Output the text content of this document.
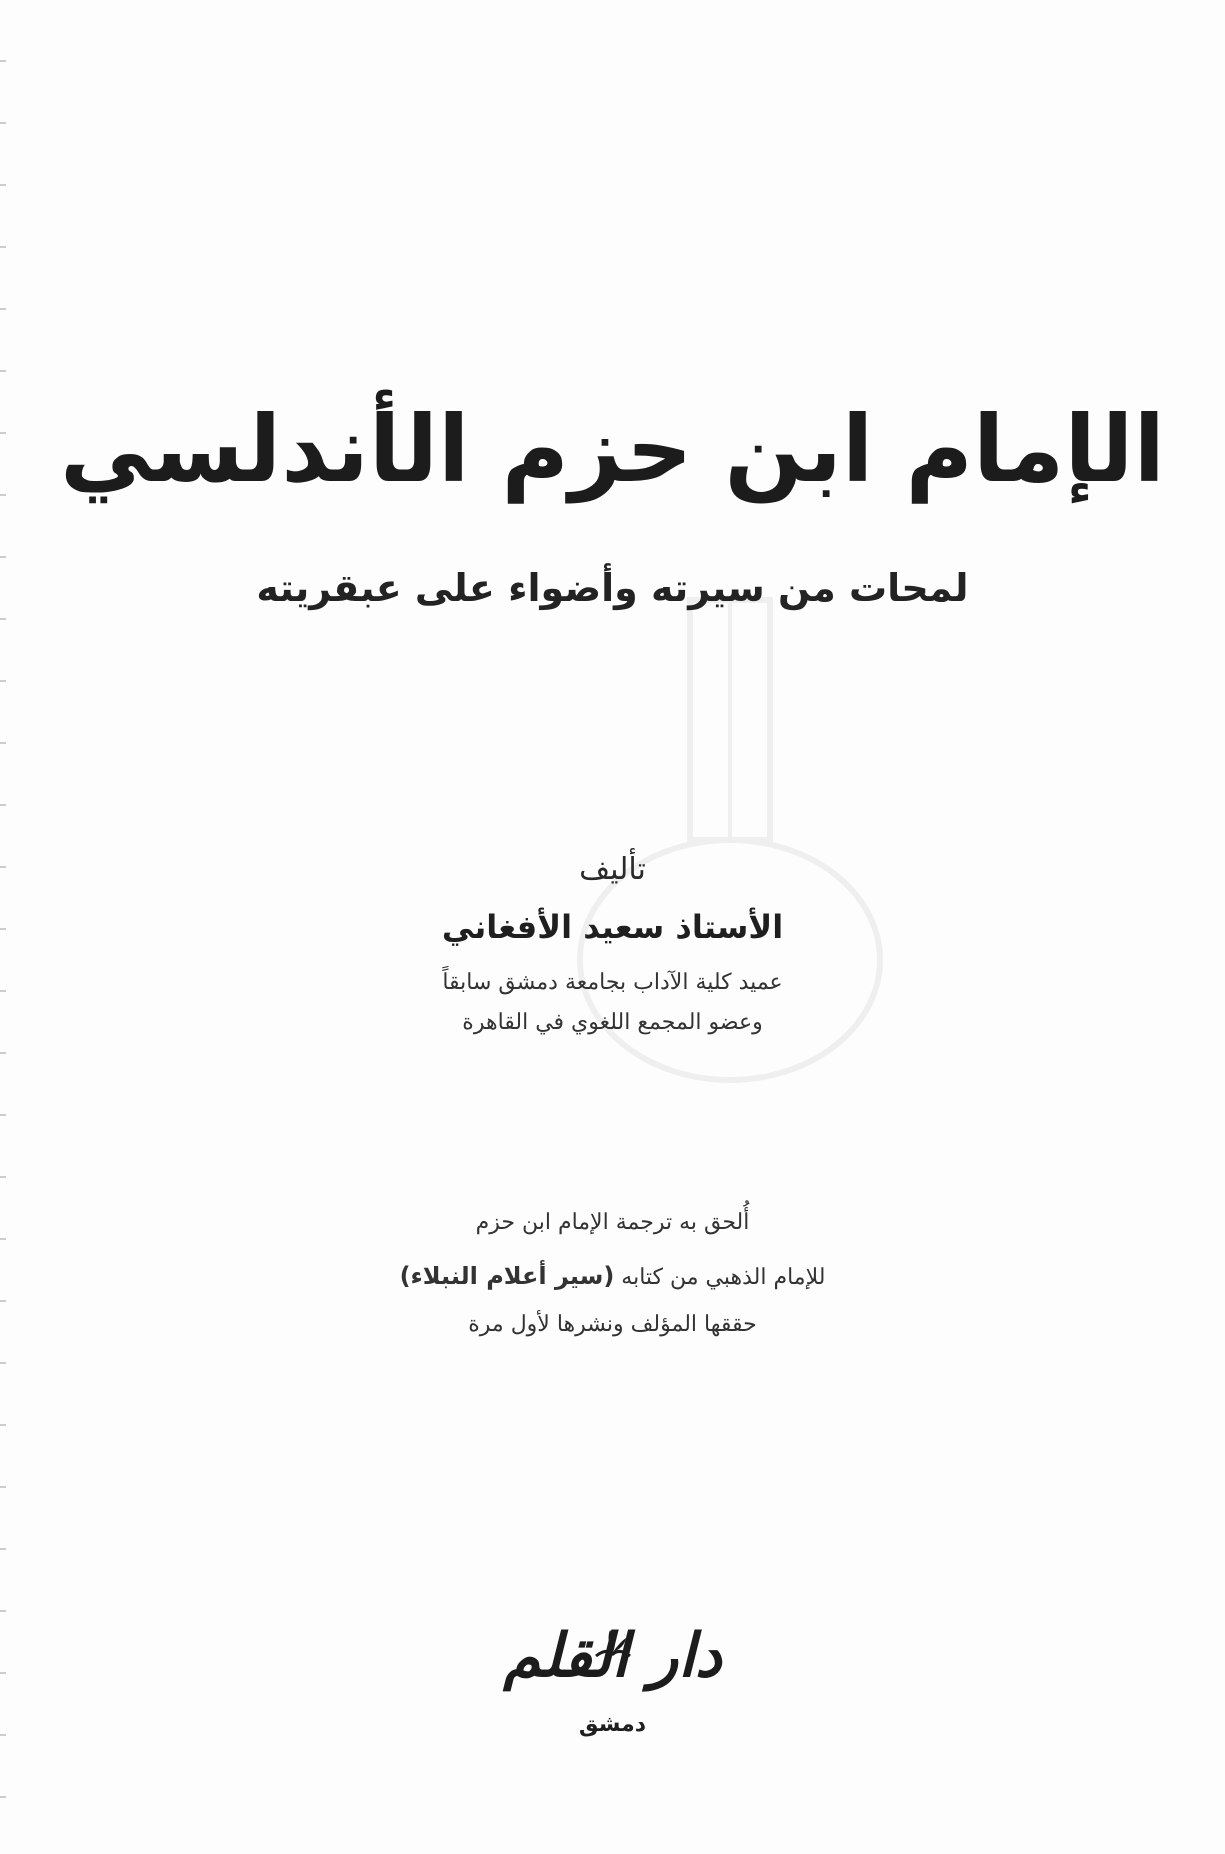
الإمام ابن حزم الأندلسي
لمحات من سيرته وأضواء على عبقريته
تأليف
الأستاذ سعيد الأفغاني
عميد كلية الآداب بجامعة دمشق سابقاً
وعضو المجمع اللغوي في القاهرة
أُلحق به ترجمة الإمام ابن حزم
للإمام الذهبي من كتابه (سير أعلام النبلاء)
حققها المؤلف ونشرها لأول مرة
دار القلم
دمشق
